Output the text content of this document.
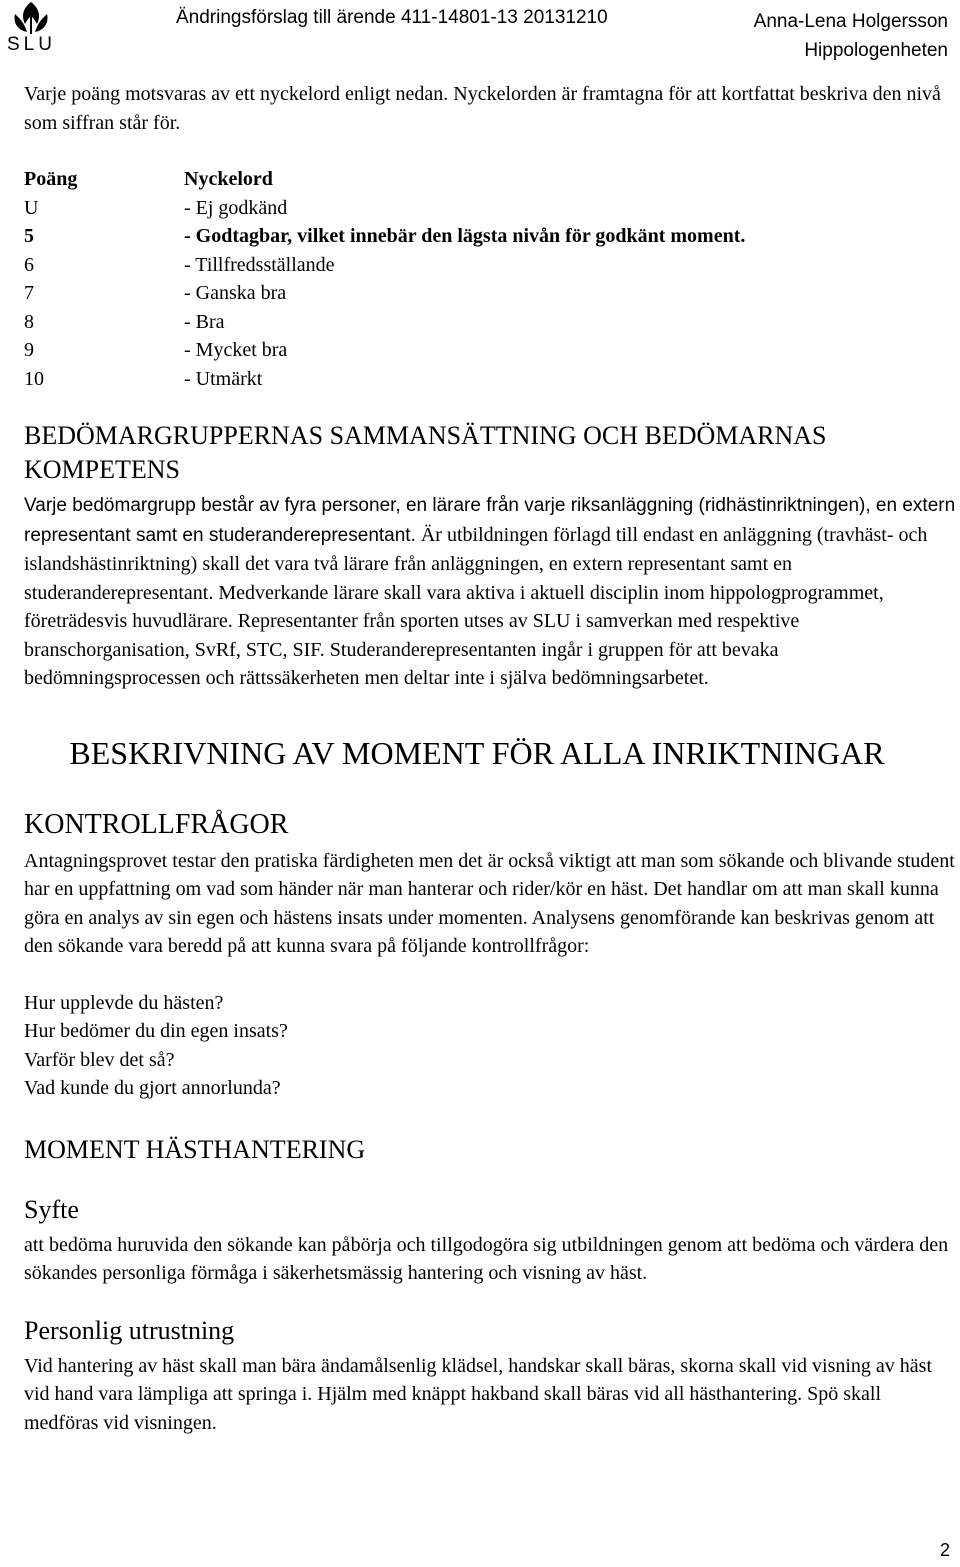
SLU
Ändringsförslag till ärende 411-14801-13 20131210	Anna-Lena Holgersson
Hippologenheten

Varje poäng motsvaras av ett nyckelord enligt nedan. Nyckelorden är framtagna för att kortfattat beskriva den nivå som siffran står för.

Poäng	Nyckelord
U	- Ej godkänd
5	- Godtagbar, vilket innebär den lägsta nivån för godkänt moment.
6	- Tillfredsställande
7	- Ganska bra
8	- Bra
9	- Mycket bra
10	- Utmärkt
BEDÖMARGRUPPERNAS SAMMANSÄTTNING OCH BEDÖMARNAS KOMPETENS

Varje bedömargrupp består av fyra personer, en lärare från varje riksanläggning (ridhästinriktningen), en extern representant samt en studeranderepresentant. Är utbildningen förlagd till endast en anläggning (travhäst- och islandshästinriktning) skall det vara två lärare från anläggningen, en extern representant samt en studeranderepresentant. Medverkande lärare skall vara aktiva i aktuell disciplin inom hippologprogrammet, företrädesvis huvudlärare. Representanter från sporten utses av SLU i samverkan med respektive branschorganisation, SvRf, STC, SIF. Studeranderepresentanten ingår i gruppen för att bevaka bedömningsprocessen och rättssäkerheten men deltar inte i själva bedömningsarbetet.

BESKRIVNING AV MOMENT FÖR ALLA INRIKTNINGAR
KONTROLLFRÅGOR

Antagningsprovet testar den pratiska färdigheten men det är också viktigt att man som sökande och blivande student har en uppfattning om vad som händer när man hanterar och rider/kör en häst. Det handlar om att man skall kunna göra en analys av sin egen och hästens insats under momenten. Analysens genomförande kan beskrivas genom att den sökande vara beredd på att kunna svara på följande kontrollfrågor:

Hur upplevde du hästen?
Hur bedömer du din egen insats?
Varför blev det så?
Vad kunde du gjort annorlunda?
MOMENT HÄSTHANTERING
Syfte

att bedöma huruvida den sökande kan påbörja och tillgodogöra sig utbildningen genom att bedöma och värdera den sökandes personliga förmåga i säkerhetsmässig hantering och visning av häst.

Personlig utrustning

Vid hantering av häst skall man bära ändamålsenlig klädsel, handskar skall bäras, skorna skall vid visning av häst vid hand vara lämpliga att springa i. Hjälm med knäppt hakband skall bäras vid all hästhantering. Spö skall medföras vid visningen.

2
